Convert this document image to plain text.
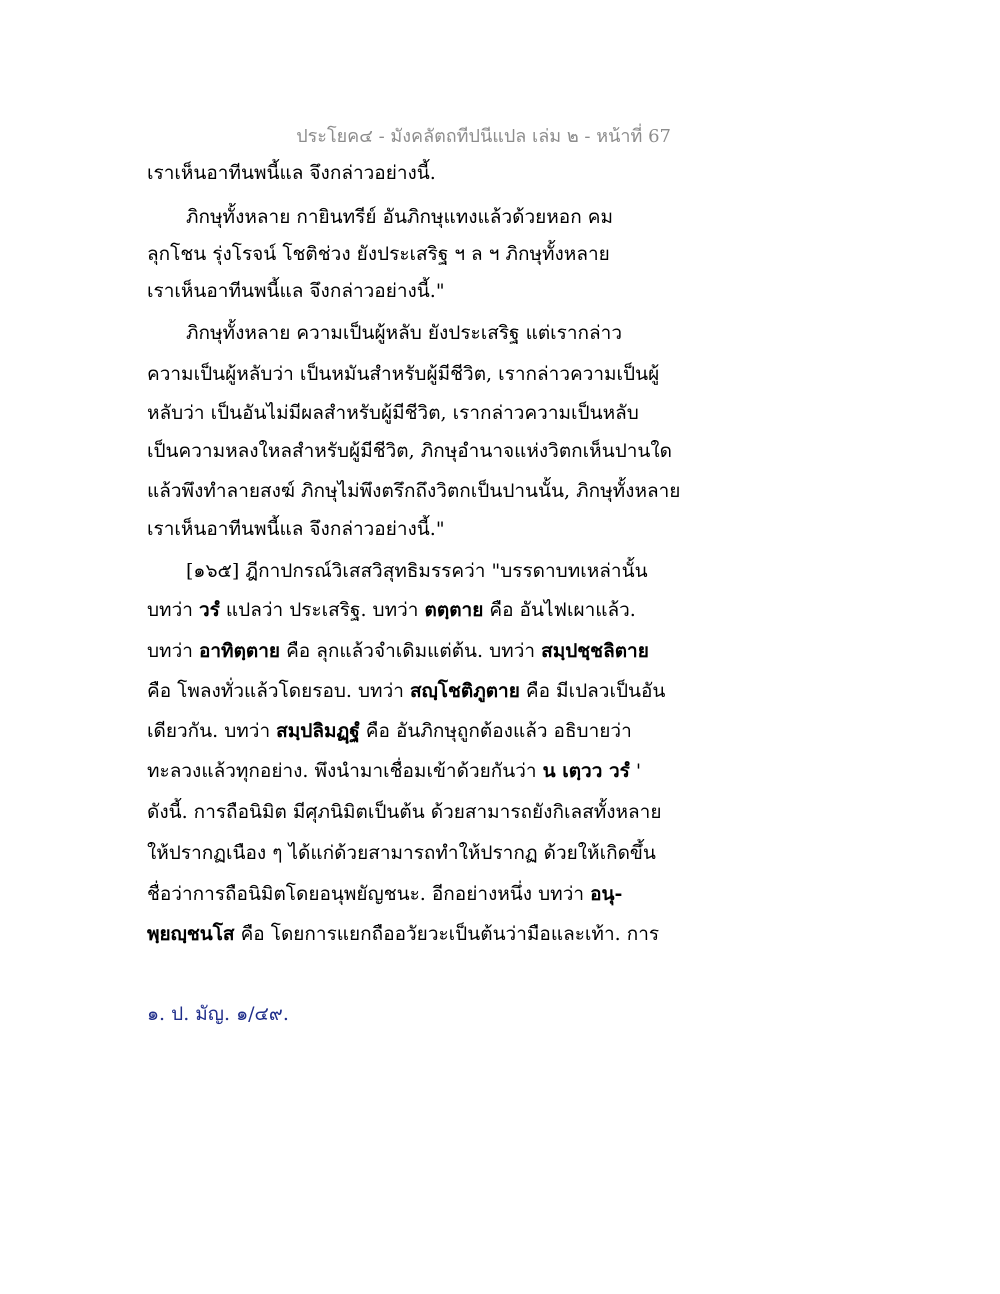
ประโยค๔ - มังคลัตถทีปนีแปล เล่ม ๒ - หน้าที่ 67
เราเห็นอาทีนพนี้แล จึงกล่าวอย่างนี้.
ภิกษุทั้งหลาย กายินทรีย์ อันภิกษุแทงแล้วด้วยหอก คม
ลุกโชน รุ่งโรจน์ โชติช่วง ยังประเสริฐ ฯ ล ฯ ภิกษุทั้งหลาย
เราเห็นอาทีนพนี้แล จึงกล่าวอย่างนี้."
ภิกษุทั้งหลาย ความเป็นผู้หลับ ยังประเสริฐ แต่เรากล่าว
ความเป็นผู้หลับว่า เป็นหมันสำหรับผู้มีชีวิต, เรากล่าวความเป็นผู้
หลับว่า เป็นอันไม่มีผลสำหรับผู้มีชีวิต, เรากล่าวความเป็นหลับ
เป็นความหลงใหลสำหรับผู้มีชีวิต, ภิกษุอำนาจแห่งวิตกเห็นปานใด
แล้วพึงทำลายสงฆ์ ภิกษุไม่พึงตรึกถึงวิตกเป็นปานนั้น, ภิกษุทั้งหลาย
เราเห็นอาทีนพนี้แล จึงกล่าวอย่างนี้."
[๑๖๕] ฎีกาปกรณ์วิเสสวิสุทธิมรรคว่า "บรรดาบทเหล่านั้น
บทว่า วรํ แปลว่า ประเสริฐ. บทว่า ตตฺตาย คือ อันไฟเผาแล้ว.
บทว่า อาทิตฺตาย คือ ลุกแล้วจำเดิมแต่ต้น. บทว่า สมฺปชฺชลิตาย
คือ โพลงทั่วแล้วโดยรอบ. บทว่า สญฺโชติภูตาย คือ มีเปลวเป็นอัน
เดียวกัน. บทว่า สมฺปลิมฏฺฐํ คือ อันภิกษุถูกต้องแล้ว อธิบายว่า
ทะลวงแล้วทุกอย่าง. พึงนำมาเชื่อมเข้าด้วยกันว่า น เตฺวว วรํ '
ดังนี้. การถือนิมิต มีศุภนิมิตเป็นต้น ด้วยสามารถยังกิเลสทั้งหลาย
ให้ปรากฏเนือง ๆ ได้แก่ด้วยสามารถทำให้ปรากฏ ด้วยให้เกิดขึ้น
ชื่อว่าการถือนิมิตโดยอนุพยัญชนะ. อีกอย่างหนึ่ง บทว่า อนุ-
พฺยญฺชนโส คือ โดยการแยกถืออวัยวะเป็นต้นว่ามือและเท้า. การ
๑. ป. มัญ. ๑/๔๙.
